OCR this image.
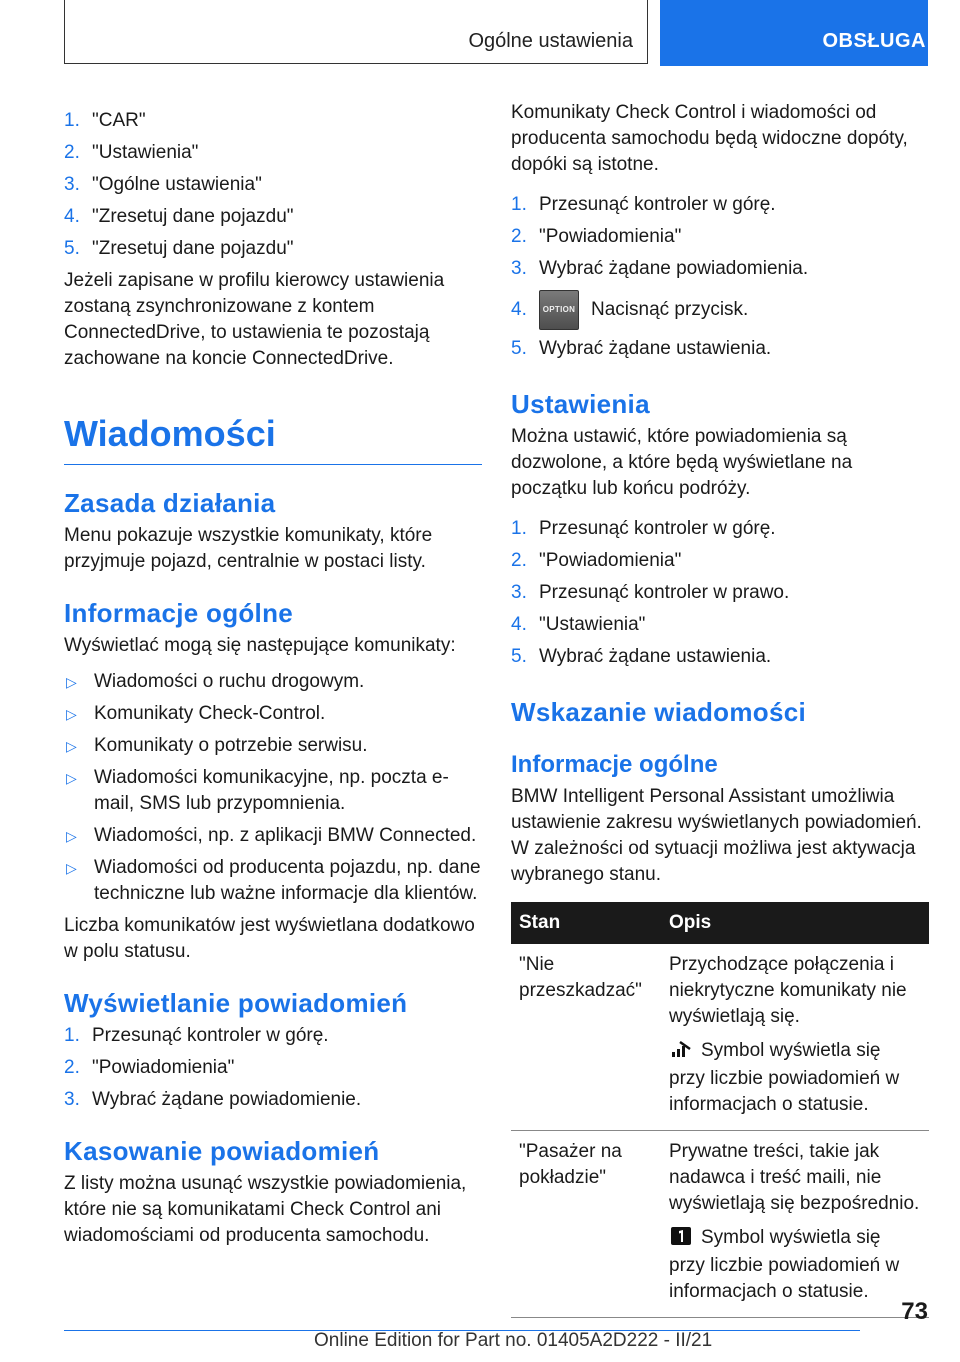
Ogólne ustawienia	OBSŁUGA
1. "CAR"
2. "Ustawienia"
3. "Ogólne ustawienia"
4. "Zresetuj dane pojazdu"
5. "Zresetuj dane pojazdu"

Jeżeli zapisane w profilu kierowcy ustawienia zostaną zsynchronizowane z kontem ConnectedDrive, to ustawienia te pozostają zachowane na koncie ConnectedDrive.

Wiadomości
Zasada działania

Menu pokazuje wszystkie komunikaty, które przyjmuje pojazd, centralnie w postaci listy.

Informacje ogólne

Wyświetlać mogą się następujące komunikaty:

▷ Wiadomości o ruchu drogowym.
▷ Komunikaty Check-Control.
▷ Komunikaty o potrzebie serwisu.
▷ Wiadomości komunikacyjne, np. poczta e-mail, SMS lub przypomnienia.
▷ Wiadomości, np. z aplikacji BMW Connected.
▷ Wiadomości od producenta pojazdu, np. dane techniczne lub ważne informacje dla klientów.

Liczba komunikatów jest wyświetlana dodatkowo w polu statusu.

Wyświetlanie powiadomień
1. Przesunąć kontroler w górę.
2. "Powiadomienia"
3. Wybrać żądane powiadomienie.
Kasowanie powiadomień

Z listy można usunąć wszystkie powiadomienia, które nie są komunikatami Check Control ani wiadomościami od producenta samochodu.

Komunikaty Check Control i wiadomości od producenta samochodu będą widoczne dopóty, dopóki są istotne.

1. Przesunąć kontroler w górę.
2. "Powiadomienia"
3. Wybrać żądane powiadomienia.
4.	OPTION Nacisnąć przycisk.
5. Wybrać żądane ustawienia.
Ustawienia

Można ustawić, które powiadomienia są dozwolone, a które będą wyświetlane na początku lub końcu podróży.

1. Przesunąć kontroler w górę.
2. "Powiadomienia"
3. Przesunąć kontroler w prawo.
4. "Ustawienia"
5. Wybrać żądane ustawienia.
Wskazanie wiadomości
Informacje ogólne

BMW Intelligent Personal Assistant umożliwia ustawienie zakresu wyświetlanych powiadomień. W zależności od sytuacji możliwa jest aktywacja wybranego stanu.

Stan	Opis
"Nie przeszkadzać"	Przychodzące połączenia i niekrytyczne komunikaty nie wyświetlają się.
Symbol wyświetla się przy liczbie powiadomień w informacjach o statusie.

"Pasażer na pokładzie"	Prywatne treści, takie jak nadawca i treść maili, nie wyświetlają się bezpośrednio.
Symbol wyświetla się przy liczbie powiadomień w informacjach o statusie.
73
Online Edition for Part no. 01405A2D222 - II/21
